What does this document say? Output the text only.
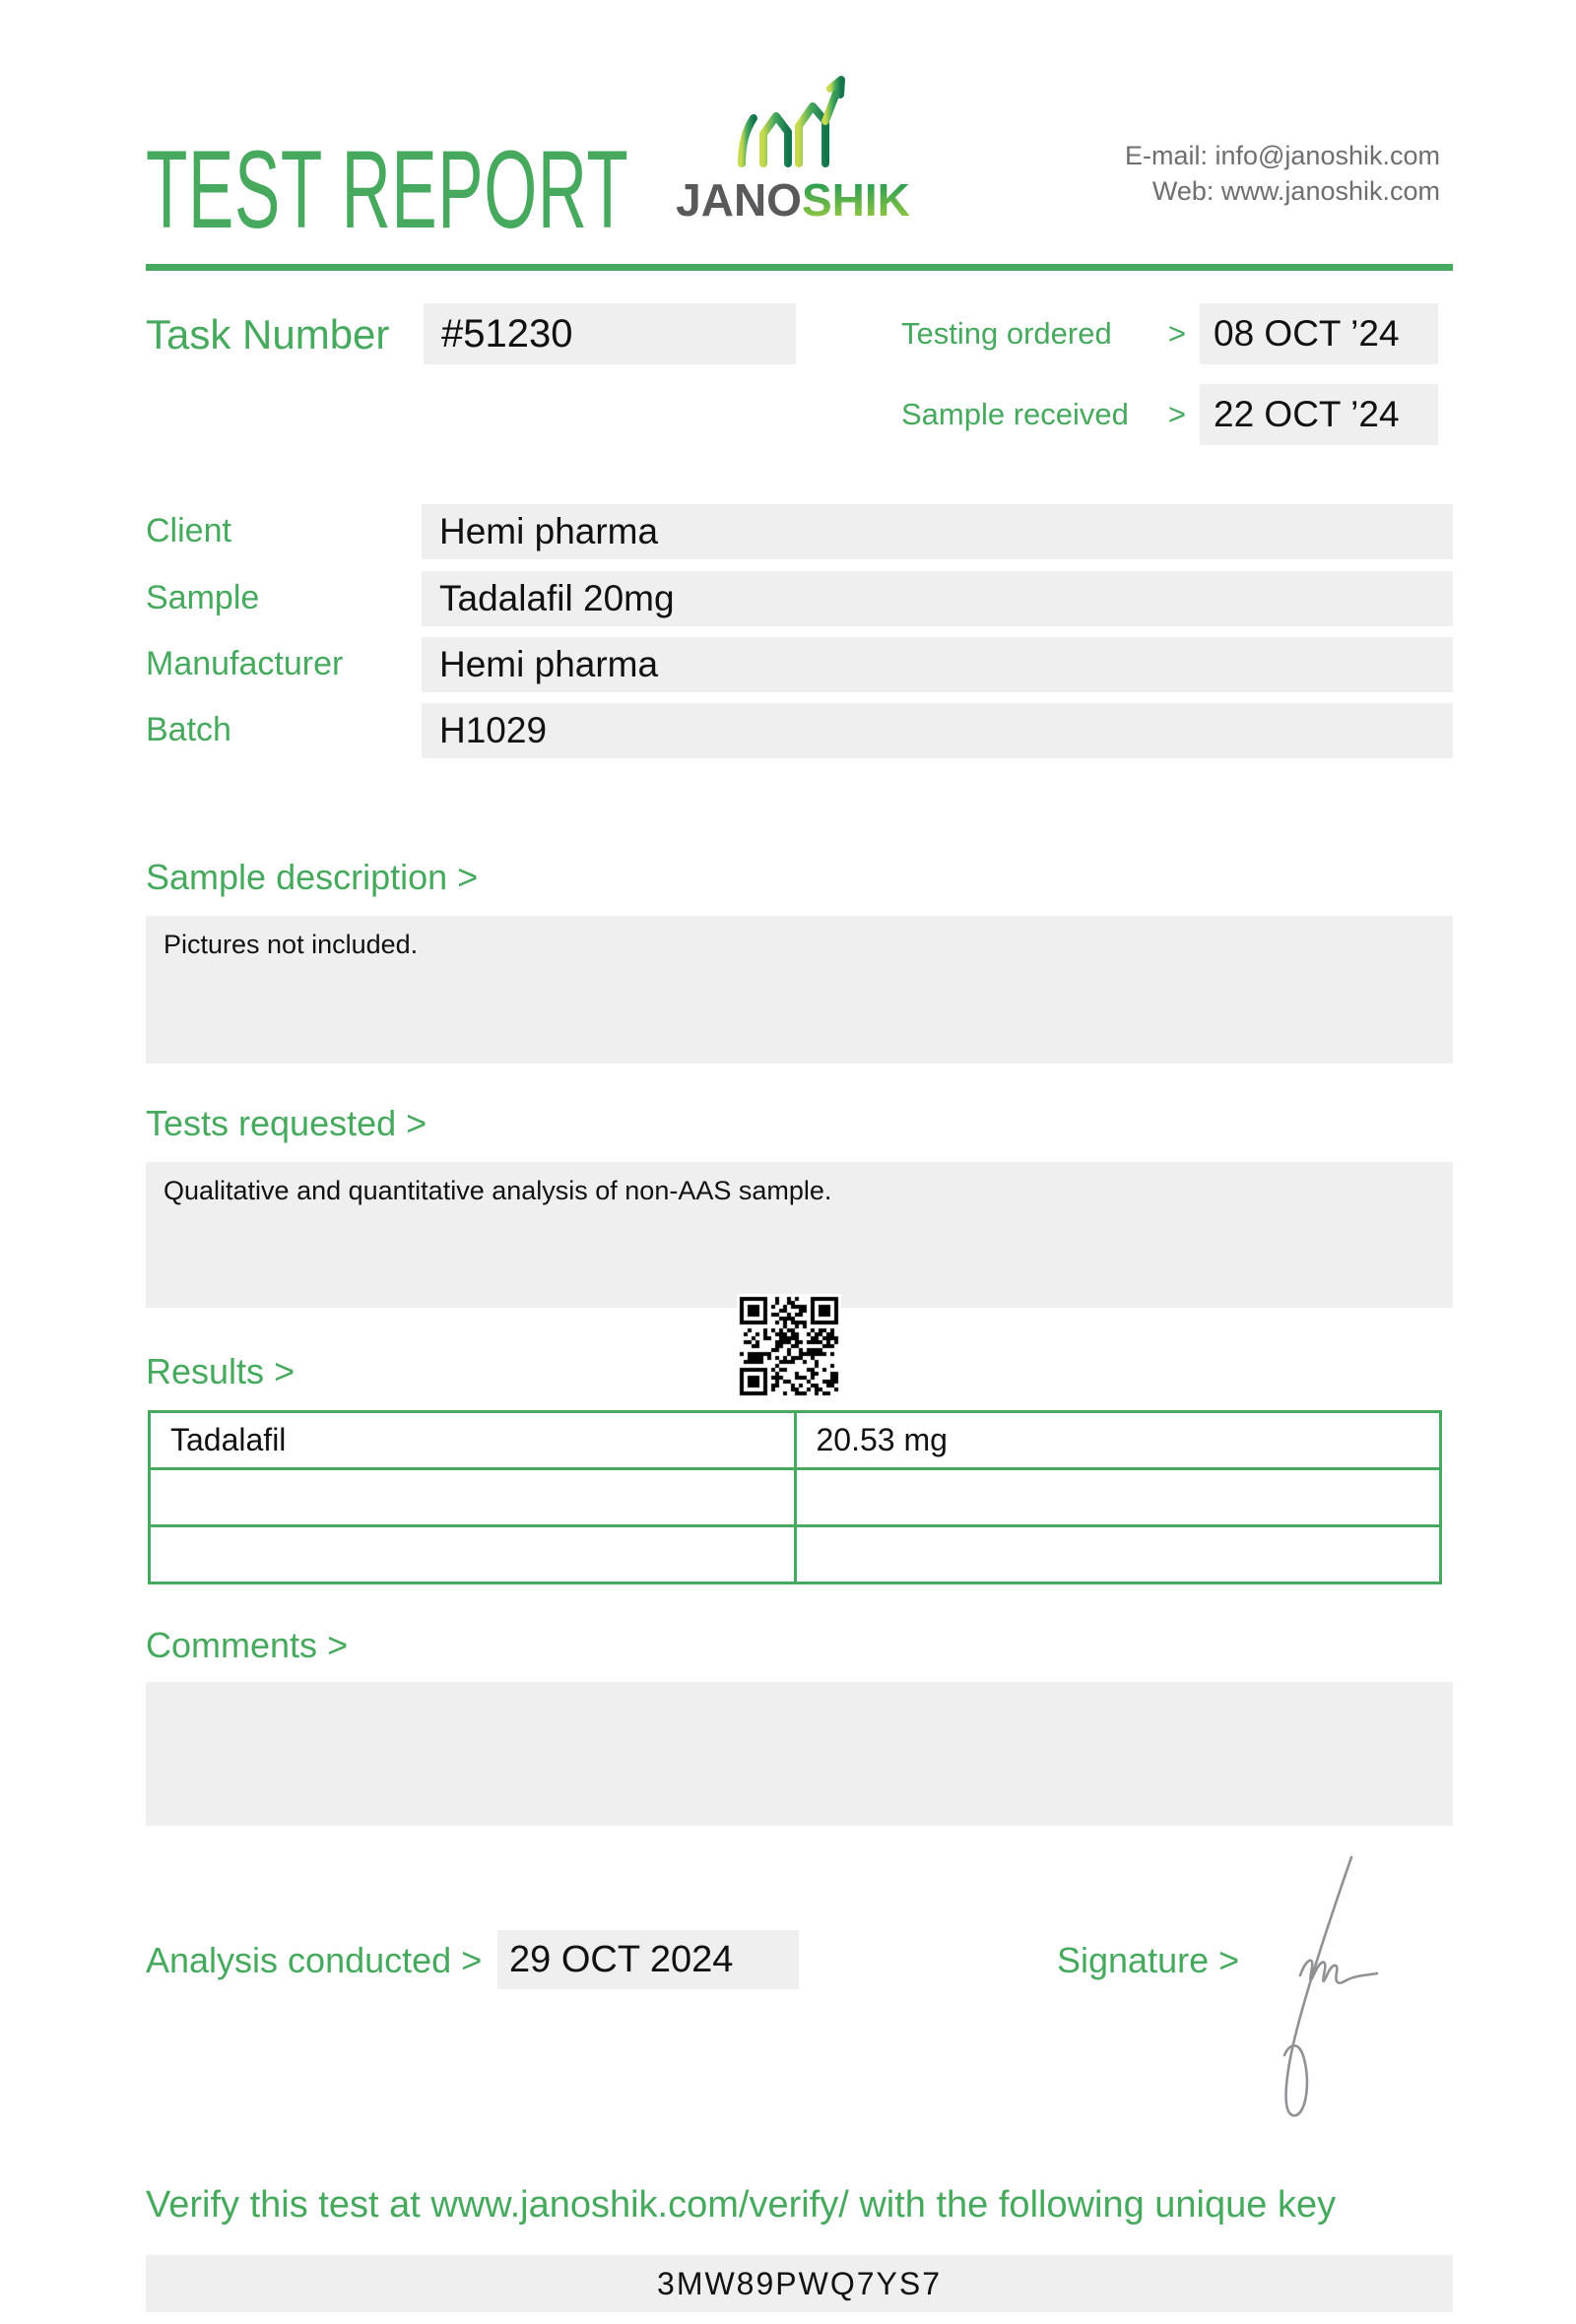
TEST REPORT	JANOSHIK
E-mail: info@janoshik.com
Web: www.janoshik.com
Task Number	#51230	Testing ordered	> 08 OCT ’24
Sample received	> 22 OCT ’24
Client	Hemi pharma
Sample	Tadalafil 20mg
Manufacturer	Hemi pharma
Batch	H1029
Sample description >
Pictures not included.
Tests requested >
Qualitative and quantitative analysis of non-AAS sample.
Results >
Tadalafil	20.53 mg

Comments >
Analysis conducted > 29 OCT 2024	Signature >
Verify this test at www.janoshik.com/verify/ with the following unique key
3MW89PWQ7YS7
